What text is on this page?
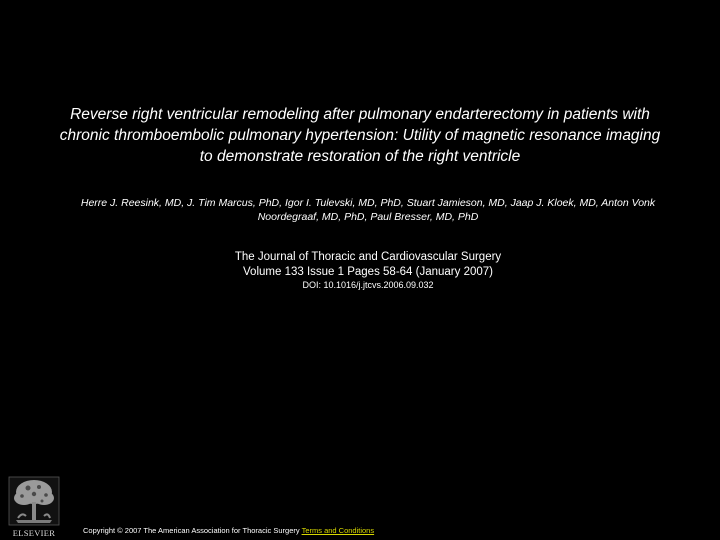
Reverse right ventricular remodeling after pulmonary endarterectomy in patients with
chronic thromboembolic pulmonary hypertension: Utility of magnetic resonance imaging
to demonstrate restoration of the right ventricle
Herre J. Reesink, MD, J. Tim Marcus, PhD, Igor I. Tulevski, MD, PhD, Stuart Jamieson, MD, Jaap J. Kloek, MD, Anton Vonk
Noordegraaf, MD, PhD, Paul Bresser, MD, PhD
The Journal of Thoracic and Cardiovascular Surgery
Volume 133 Issue 1 Pages 58-64 (January 2007)
DOI: 10.1016/j.jtcvs.2006.09.032
ELSEVIER	Copyright © 2007 The American Association for Thoracic Surgery Terms and Conditions
